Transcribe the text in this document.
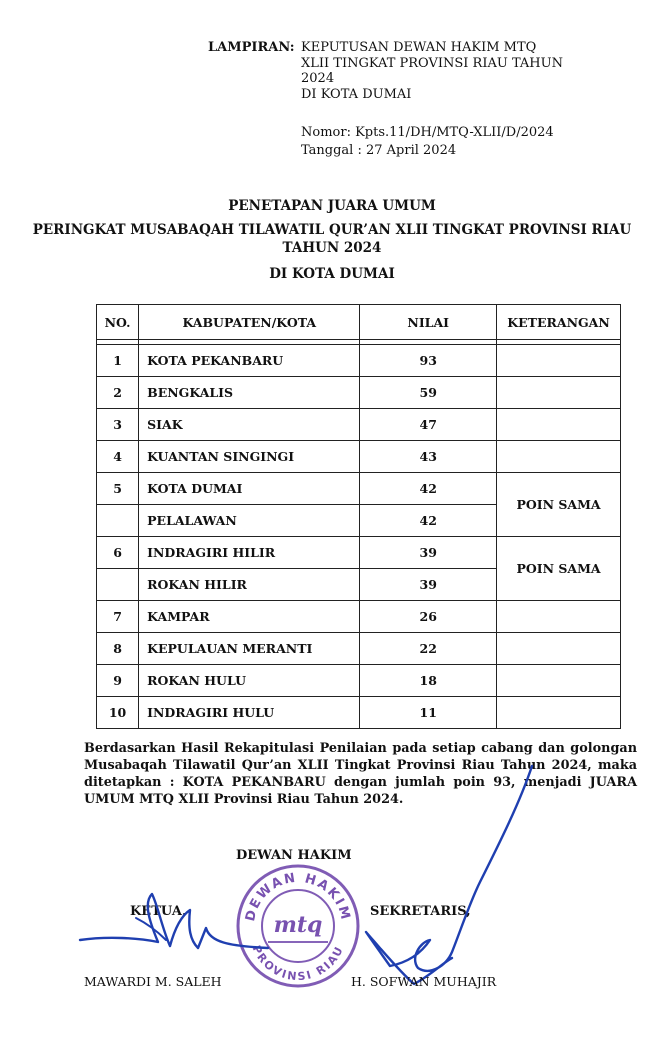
LAMPIRAN: KEPUTUSAN DEWAN HAKIM MTQ
XLII TINGKAT PROVINSI RIAU TAHUN
2024
DI KOTA DUMAI
Nomor: Kpts.11/DH/MTQ-XLII/D/2024
Tanggal : 27 April 2024
PENETAPAN JUARA UMUM
PERINGKAT MUSABAQAH TILAWATIL QUR’AN XLII TINGKAT PROVINSI RIAU
TAHUN 2024
DI KOTA DUMAI
NO.	KABUPATEN/KOTA	NILAI	KETERANGAN

1	KOTA PEKANBARU	93	
2	BENGKALIS	59	
3	SIAK	47	
4	KUANTAN SINGINGI	43	
5	KOTA DUMAI	42	POIN SAMA
	PELALAWAN	42	
6	INDRAGIRI HILIR	39	POIN SAMA
	ROKAN HILIR	39	
7	KAMPAR	26	
8	KEPULAUAN MERANTI	22	
9	ROKAN HULU	18	
10	INDRAGIRI HULU	11	
Berdasarkan Hasil Rekapitulasi Penilaian pada setiap cabang dan golongan Musabaqah Tilawatil Qur’an XLII Tingkat Provinsi Riau Tahun 2024, maka ditetapkan : KOTA PEKANBARU dengan jumlah poin 93, menjadi JUARA UMUM MTQ XLII Provinsi Riau Tahun 2024.
DEWAN HAKIM
KETUA,	SEKRETARIS,
DEWAN HAKIM
PROVINSI RIAU
mtq
MAWARDI M. SALEH	H. SOFWAN MUHAJIR
